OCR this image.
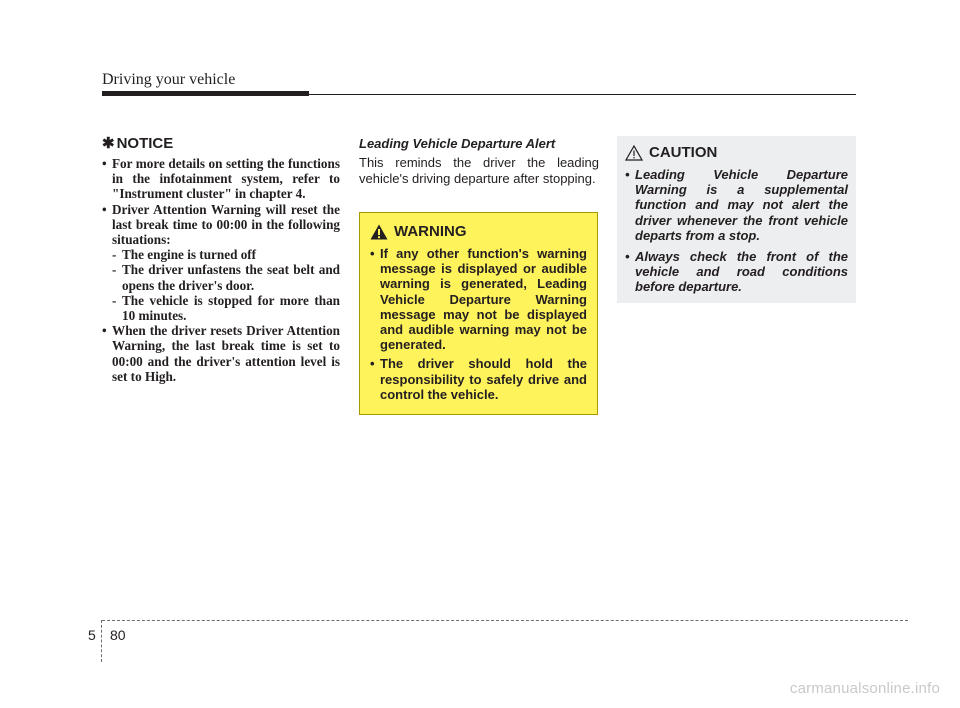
Driving your vehicle
✱ NOTICE
• For more details on setting the functions in the infotainment system, refer to "Instrument cluster" in chapter 4.
• Driver Attention Warning will reset the last break time to 00:00 in the following situations:
- The engine is turned off
- The driver unfastens the seat belt and opens the driver's door.
- The vehicle is stopped for more than 10 minutes.
• When the driver resets Driver Attention Warning, the last break time is set to 00:00 and the driver's attention level is set to High.
Leading Vehicle Departure Alert

This reminds the driver the leading vehicle's driving departure after stopping.

WARNING
• If any other function's warning message is displayed or audible warning is generated, Leading Vehicle Departure Warning message may not be displayed and audible warning may not be generated.
• The driver should hold the responsibility to safely drive and control the vehicle.
CAUTION
• Leading Vehicle Departure Warning is a supplemental function and may not alert the driver whenever the front vehicle departs from a stop.
• Always check the front of the vehicle and road conditions before departure.
5 80
carmanualsonline.info
